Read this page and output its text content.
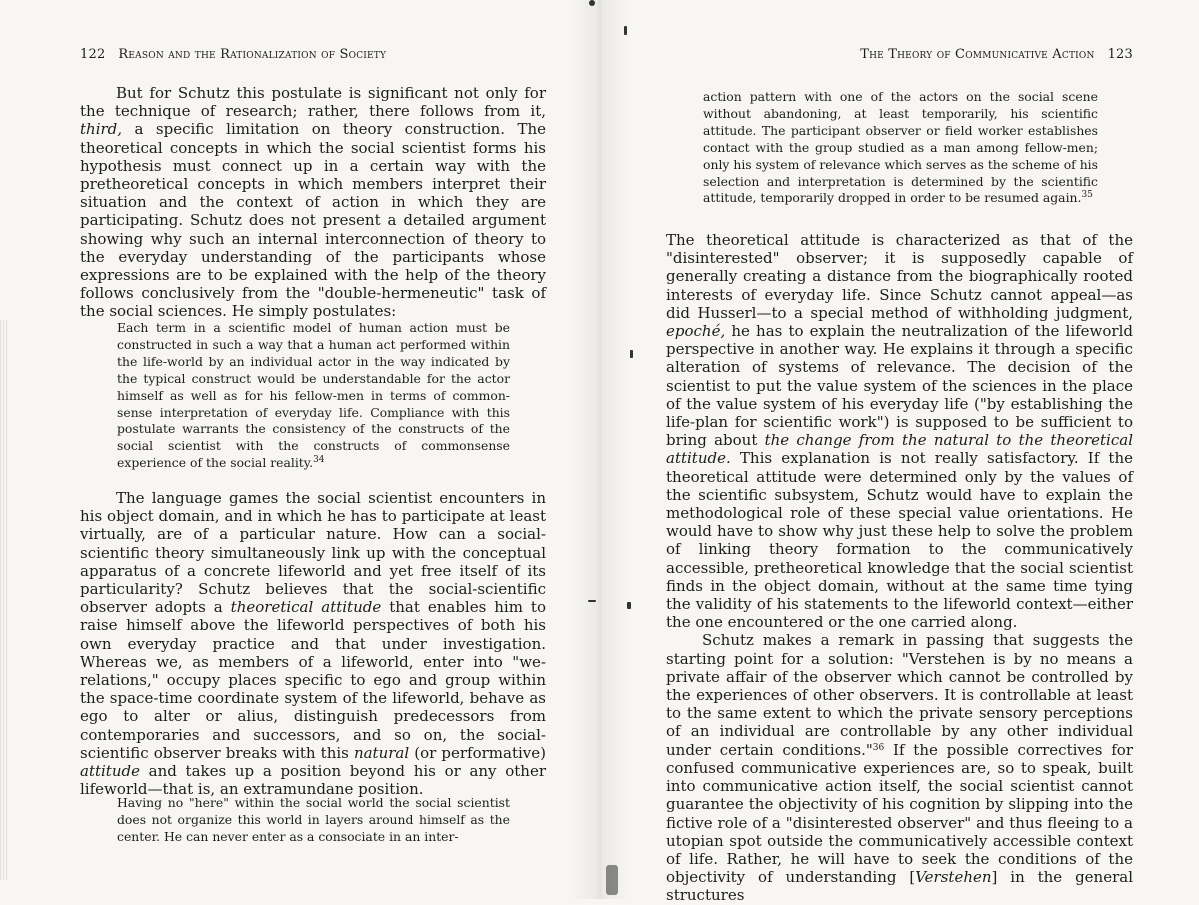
122 Reason and the Rationalization of Society

But for Schutz this postulate is significant not only for the technique of research; rather, there follows from it, third, a specific limitation on theory construction. The theoretical concepts in which the social scientist forms his hypothesis must connect up in a certain way with the pretheoretical concepts in which members interpret their situation and the context of action in which they are participating. Schutz does not present a detailed argument showing why such an internal interconnection of theory to the everyday understanding of the participants whose expressions are to be explained with the help of the theory follows conclusively from the "double-hermeneutic" task of the social sciences. He simply postulates:

Each term in a scientific model of human action must be constructed in such a way that a human act performed within the life-world by an individual actor in the way indicated by the typical construct would be understandable for the actor himself as well as for his fellow-men in terms of common-sense interpretation of everyday life. Compliance with this postulate warrants the consistency of the constructs of the social scientist with the constructs of commonsense experience of the social reality.$^{34}$

The language games the social scientist encounters in his object domain, and in which he has to participate at least virtually, are of a particular nature. How can a social-scientific theory simultaneously link up with the conceptual apparatus of a concrete lifeworld and yet free itself of its particularity? Schutz believes that the social-scientific observer adopts a theoretical attitude that enables him to raise himself above the lifeworld perspectives of both his own everyday practice and that under investigation. Whereas we, as members of a lifeworld, enter into "we-relations," occupy places specific to ego and group within the space-time coordinate system of the lifeworld, behave as ego to alter or alius, distinguish predecessors from contemporaries and successors, and so on, the social-scientific observer breaks with this natural (or performative) attitude and takes up a position beyond his or any other lifeworld—that is, an extramundane position.

Having no "here" within the social world the social scientist does not organize this world in layers around himself as the center. He can never enter as a consociate in an inter-
The Theory of Communicative Action 123
action pattern with one of the actors on the social scene without abandoning, at least temporarily, his scientific attitude. The participant observer or field worker establishes contact with the group studied as a man among fellow-men; only his system of relevance which serves as the scheme of his selection and interpretation is determined by the scientific attitude, temporarily dropped in order to be resumed again.$^{35}$

The theoretical attitude is characterized as that of the "disinterested" observer; it is supposedly capable of generally creating a distance from the biographically rooted interests of everyday life. Since Schutz cannot appeal—as did Husserl—to a special method of withholding judgment, epoché, he has to explain the neutralization of the lifeworld perspective in another way. He explains it through a specific alteration of systems of relevance. The decision of the scientist to put the value system of the sciences in the place of the value system of his everyday life ("by establishing the life-plan for scientific work") is supposed to be sufficient to bring about the change from the natural to the theoretical attitude. This explanation is not really satisfactory. If the theoretical attitude were determined only by the values of the scientific subsystem, Schutz would have to explain the methodological role of these special value orientations. He would have to show why just these help to solve the problem of linking theory formation to the communicatively accessible, pretheoretical knowledge that the social scientist finds in the object domain, without at the same time tying the validity of his statements to the lifeworld context—either the one encountered or the one carried along.

Schutz makes a remark in passing that suggests the starting point for a solution: "Verstehen is by no means a private affair of the observer which cannot be controlled by the experiences of other observers. It is controllable at least to the same extent to which the private sensory perceptions of an individual are controllable by any other individual under certain conditions."$^{36}$ If the possible correctives for confused communicative experiences are, so to speak, built into communicative action itself, the social scientist cannot guarantee the objectivity of his cognition by slipping into the fictive role of a "disinterested observer" and thus fleeing to a utopian spot outside the communicatively accessible context of life. Rather, he will have to seek the conditions of the objectivity of understanding [Verstehen] in the general structures
